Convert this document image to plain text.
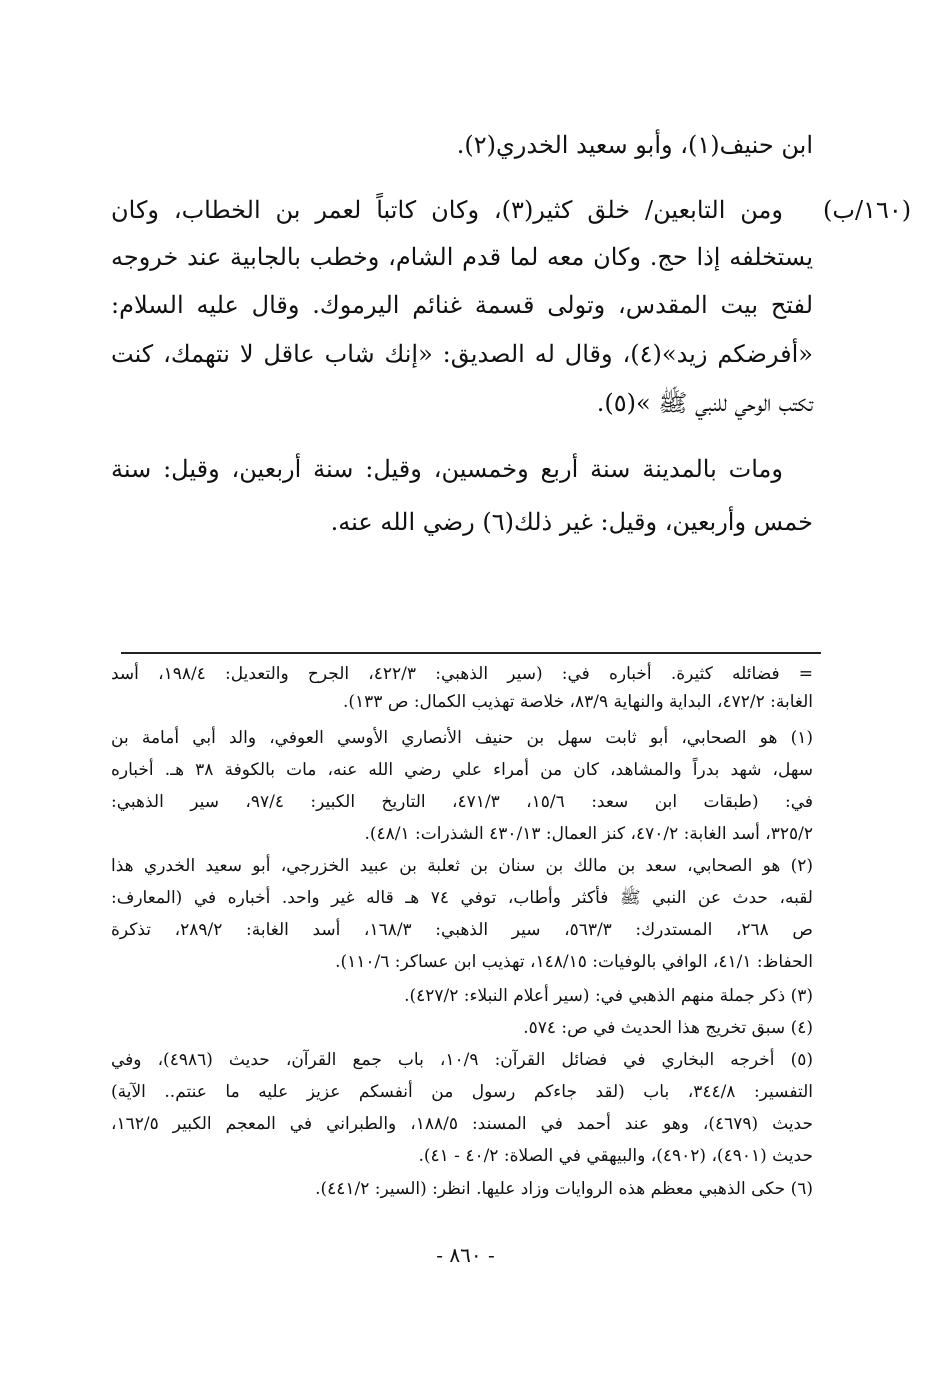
(١٦٠/ب)
ابن حنيف(١)، وأبو سعيد الخدري(٢).
ومن التابعين/ خلق كثير(٣)، وكان كاتباً لعمر بن الخطاب، وكان
يستخلفه إذا حج. وكان معه لما قدم الشام، وخطب بالجابية عند خروجه
لفتح بيت المقدس، وتولى قسمة غنائم اليرموك. وقال عليه السلام:
«أفرضكم زيد»(٤)، وقال له الصديق: «إنك شاب عاقل لا نتهمك، كنت
تكتب الوحي للنبي ﷺ »(٥).
ومات بالمدينة سنة أربع وخمسين، وقيل: سنة أربعين، وقيل: سنة
خمس وأربعين، وقيل: غير ذلك(٦) رضي الله عنه.
= فضائله كثيرة. أخباره في: (سير الذهبي: ٤٢٢/٣، الجرح والتعديل: ١٩٨/٤، أسد
الغابة: ٤٧٢/٢، البداية والنهاية ٨٣/٩، خلاصة تهذيب الكمال: ص ١٣٣).
(١) هو الصحابي، أبو ثابت سهل بن حنيف الأنصاري الأوسي العوفي، والد أبي أمامة بن
سهل، شهد بدراً والمشاهد، كان من أمراء علي رضي الله عنه، مات بالكوفة ٣٨ هـ. أخباره
في: (طبقات ابن سعد: ١٥/٦، ٤٧١/٣، التاريخ الكبير: ٩٧/٤، سير الذهبي:
٣٢٥/٢، أسد الغابة: ٤٧٠/٢، كنز العمال: ٤٣٠/١٣ الشذرات: ٤٨/١).
(٢) هو الصحابي، سعد بن مالك بن سنان بن ثعلبة بن عبيد الخزرجي، أبو سعيد الخدري هذا
لقبه، حدث عن النبي ﷺ فأكثر وأطاب، توفي ٧٤ هـ قاله غير واحد. أخباره في (المعارف:
ص ٢٦٨، المستدرك: ٥٦٣/٣، سير الذهبي: ١٦٨/٣، أسد الغابة: ٢٨٩/٢، تذكرة
الحفاظ: ٤١/١، الوافي بالوفيات: ١٤٨/١٥، تهذيب ابن عساكر: ١١٠/٦).
(٣) ذكر جملة منهم الذهبي في: (سير أعلام النبلاء: ٤٢٧/٢).
(٤) سبق تخريج هذا الحديث في ص: ٥٧٤.
(٥) أخرجه البخاري في فضائل القرآن: ١٠/٩، باب جمع القرآن، حديث (٤٩٨٦)، وفي
التفسير: ٣٤٤/٨، باب (لقد جاءكم رسول من أنفسكم عزيز عليه ما عنتم.. الآية)
حديث (٤٦٧٩)، وهو عند أحمد في المسند: ١٨٨/٥، والطبراني في المعجم الكبير ١٦٢/٥،
حديث (٤٩٠١)، (٤٩٠٢)، والبيهقي في الصلاة: ٤٠/٢ - ٤١).
(٦) حكى الذهبي معظم هذه الروايات وزاد عليها. انظر: (السير: ٤٤١/٢).
- ٨٦٠ -
